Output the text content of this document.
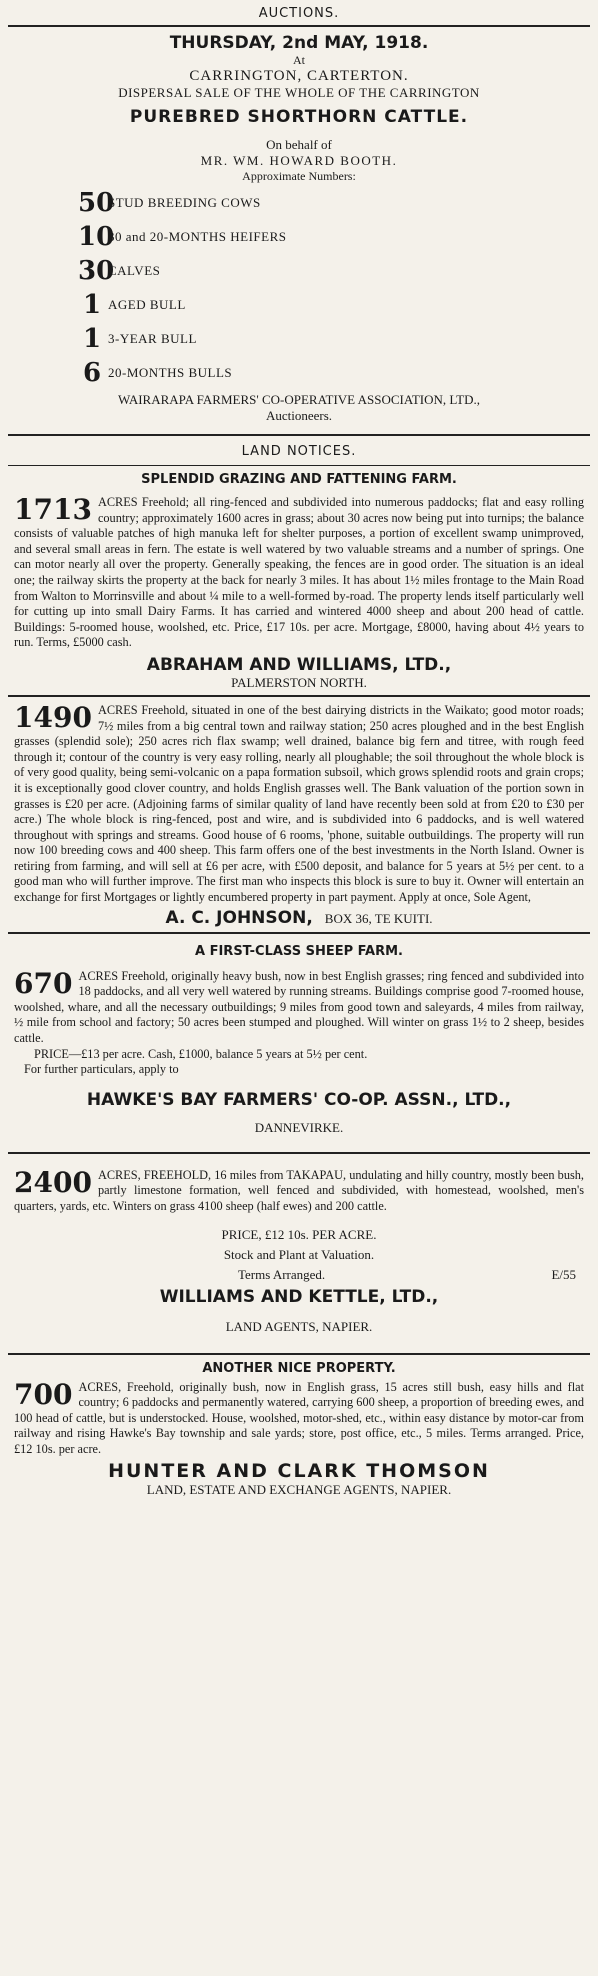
AUCTIONS.
THURSDAY, 2nd MAY, 1918.
At
CARRINGTON, CARTERTON.
DISPERSAL SALE OF THE WHOLE OF THE CARRINGTON
PUREBRED SHORTHORN CATTLE.
On behalf of
MR. WM. HOWARD BOOTH.
Approximate Numbers:
50
STUD BREEDING COWS
10
30 and 20-MONTHS HEIFERS
30
CALVES
1 AGED BULL
1 3-YEAR BULL
6 20-MONTHS BULLS
WAIRARAPA FARMERS' CO-OPERATIVE ASSOCIATION, LTD.,
Auctioneers.
LAND NOTICES.
SPLENDID GRAZING AND FATTENING FARM.
1713 ACRES Freehold; all ring-fenced and subdivided into numerous paddocks; flat and easy rolling country; approximately 1600 acres in grass; about 30 acres now being put into turnips; the balance consists of valuable patches of high manuka left for shelter purposes, a portion of excellent swamp unimproved, and several small areas in fern. The estate is well watered by two valuable streams and a number of springs. One can motor nearly all over the property. Generally speaking, the fences are in good order. The situation is an ideal one; the railway skirts the property at the back for nearly 3 miles. It has about 1½ miles frontage to the Main Road from Walton to Morrinsville and about ¼ mile to a well-formed by-road. The property lends itself particularly well for cutting up into small Dairy Farms. It has carried and wintered 4000 sheep and about 200 head of cattle. Buildings: 5-roomed house, woolshed, etc. Price, £17 10s. per acre. Mortgage, £8000, having about 4½ years to run. Terms, £5000 cash.
ABRAHAM AND WILLIAMS, LTD.,
PALMERSTON NORTH.
1490 ACRES Freehold, situated in one of the best dairying districts in the Waikato; good motor roads; 7½ miles from a big central town and railway station; 250 acres ploughed and in the best English grasses (splendid sole); 250 acres rich flax swamp; well drained, balance big fern and titree, with rough feed through it; contour of the country is very easy rolling, nearly all ploughable; the soil throughout the whole block is of very good quality, being semi-volcanic on a papa formation subsoil, which grows splendid roots and grain crops; it is exceptionally good clover country, and holds English grasses well. The Bank valuation of the portion sown in grasses is £20 per acre. (Adjoining farms of similar quality of land have recently been sold at from £20 to £30 per acre.) The whole block is ring-fenced, post and wire, and is subdivided into 6 paddocks, and is well watered throughout with springs and streams. Good house of 6 rooms, 'phone, suitable outbuildings. The property will run now 100 breeding cows and 400 sheep. This farm offers one of the best investments in the North Island. Owner is retiring from farming, and will sell at £6 per acre, with £500 deposit, and balance for 5 years at 5½ per cent. to a good man who will further improve. The first man who inspects this block is sure to buy it. Owner will entertain an exchange for first Mortgages or lightly encumbered property in part payment. Apply at once, Sole Agent,
A. C. JOHNSON, BOX 36, TE KUITI.
A FIRST-CLASS SHEEP FARM.
670 ACRES Freehold, originally heavy bush, now in best English grasses; ring fenced and subdivided into 18 paddocks, and all very well watered by running streams. Buildings comprise good 7-roomed house, woolshed, whare, and all the necessary outbuildings; 9 miles from good town and saleyards, 4 miles from railway, ½ mile from school and factory; 50 acres been stumped and ploughed. Will winter on grass 1½ to 2 sheep, besides cattle.
PRICE—£13 per acre. Cash, £1000, balance 5 years at 5½ per cent.
For further particulars, apply to
HAWKE'S BAY FARMERS' CO-OP. ASSN., LTD.,
DANNEVIRKE.
2400 ACRES, FREEHOLD, 16 miles from TAKAPAU, undulating and hilly country, mostly been bush, partly limestone formation, well fenced and subdivided, with homestead, woolshed, men's quarters, yards, etc. Winters on grass 4100 sheep (half ewes) and 200 cattle.
PRICE, £12 10s. PER ACRE.
Stock and Plant at Valuation.
Terms Arranged.	E/55
WILLIAMS AND KETTLE, LTD.,
LAND AGENTS, NAPIER.
ANOTHER NICE PROPERTY.
700 ACRES, Freehold, originally bush, now in English grass, 15 acres still bush, easy hills and flat country; 6 paddocks and permanently watered, carrying 600 sheep, a proportion of breeding ewes, and 100 head of cattle, but is understocked. House, woolshed, motor-shed, etc., within easy distance by motor-car from railway and rising Hawke's Bay township and sale yards; store, post office, etc., 5 miles. Terms arranged. Price, £12 10s. per acre.
HUNTER AND CLARK THOMSON
LAND, ESTATE AND EXCHANGE AGENTS, NAPIER.
